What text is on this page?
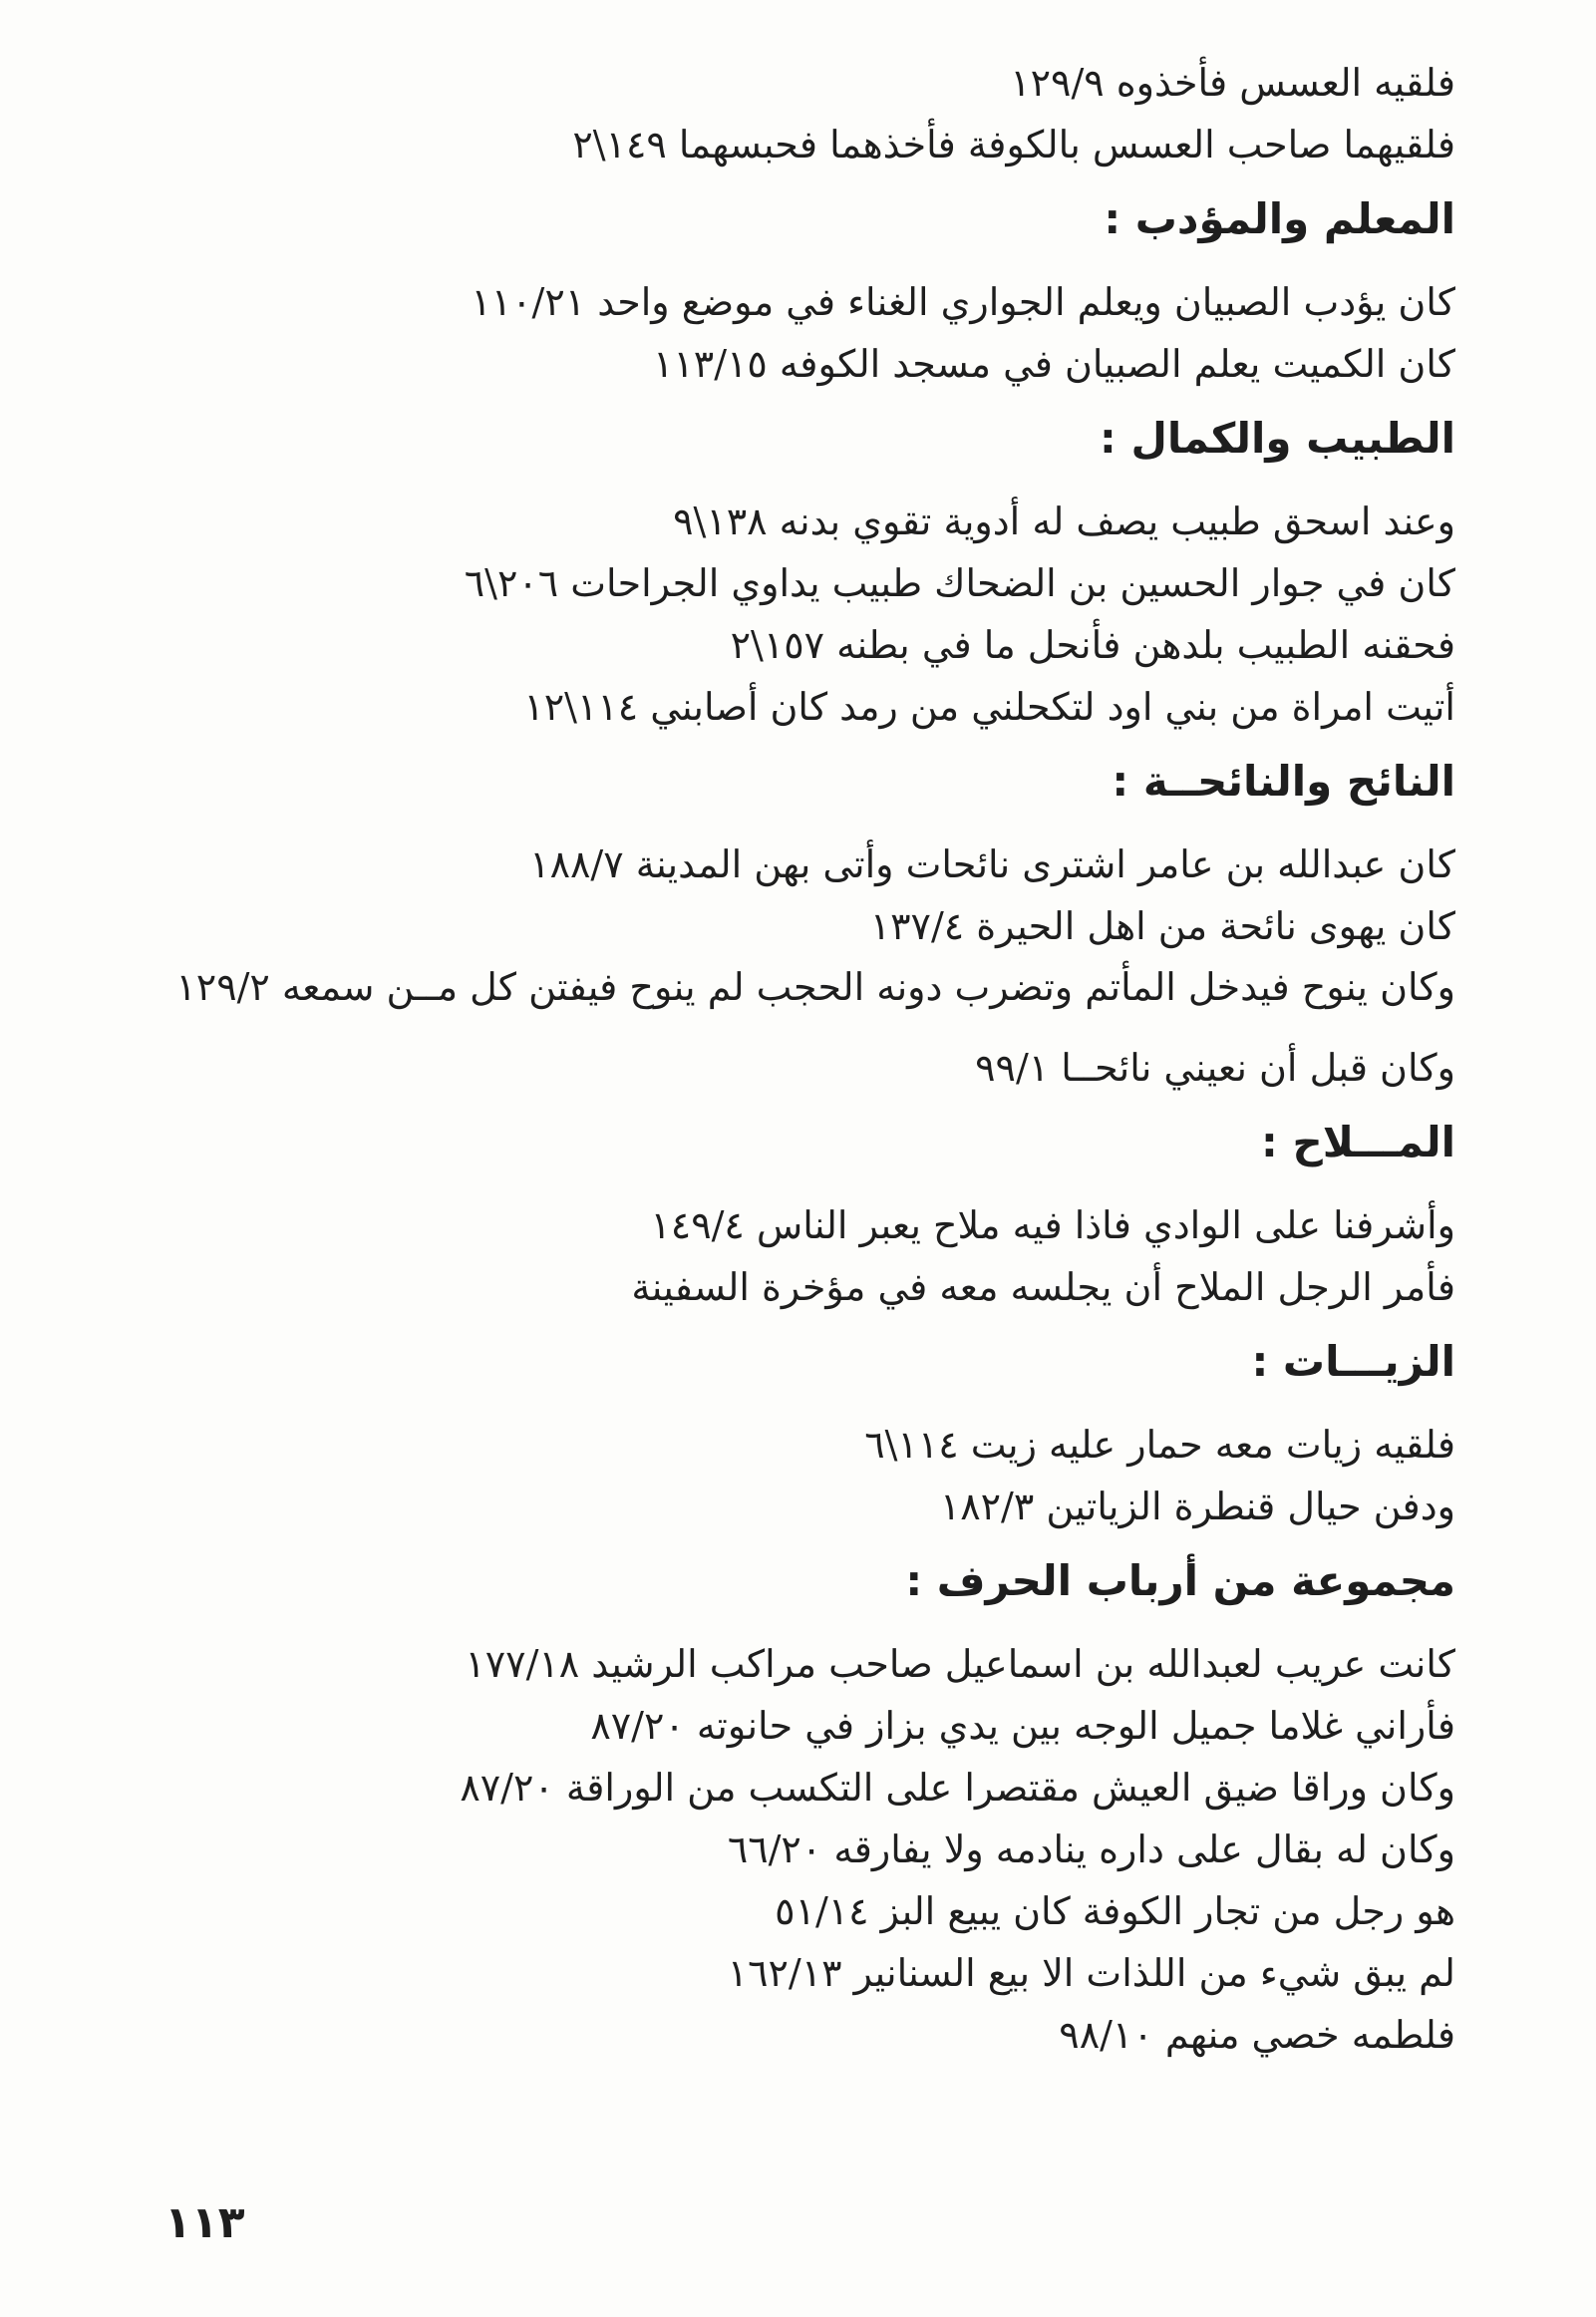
فلقيه العسس فأخذوه ١٢٩/٩

فلقيهما صاحب العسس بالكوفة فأخذهما فحبسهما ١٤٩\٢

المعلم والمؤدب :

كان يؤدب الصبيان ويعلم الجواري الغناء في موضع واحد ١١٠/٢١

كان الكميت يعلم الصبيان في مسجد الكوفه ١١٣/١٥

الطبيب والكمال :

وعند اسحق طبيب يصف له أدوية تقوي بدنه ١٣٨\٩

كان في جوار الحسين بن الضحاك طبيب يداوي الجراحات ٢٠٦\٦

فحقنه الطبيب بلدهن فأنحل ما في بطنه ١٥٧\٢

أتيت امراة من بني اود لتكحلني من رمد كان أصابني ١١٤\١٢

النائح والنائحــة :

كان عبدالله بن عامر اشترى نائحات وأتى بهن المدينة ١٨٨/٧

كان يهوى نائحة من اهل الحيرة ١٣٧/٤

وكان ينوح فيدخل المأتم وتضرب دونه الحجب لم ينوح فيفتن كل مــن سمعه ١٢٩/٢

وكان قبل أن نعيني نائحــا ٩٩/١

المـــلاح :

وأشرفنا على الوادي فاذا فيه ملاح يعبر الناس ١٤٩/٤

فأمر الرجل الملاح أن يجلسه معه في مؤخرة السفينة

الزيـــات :

فلقيه زيات معه حمار عليه زيت ١١٤\٦

ودفن حيال قنطرة الزياتين ١٨٢/٣

مجموعة من أرباب الحرف :

كانت عريب لعبدالله بن اسماعيل صاحب مراكب الرشيد ١٧٧/١٨

فأراني غلاما جميل الوجه بين يدي بزاز في حانوته ٨٧/٢٠

وكان وراقا ضيق العيش مقتصرا على التكسب من الوراقة ٨٧/٢٠

وكان له بقال على داره ينادمه ولا يفارقه ٦٦/٢٠

هو رجل من تجار الكوفة كان يبيع البز ٥١/١٤

لم يبق شيء من اللذات الا بيع السنانير ١٦٢/١٣

فلطمه خصي منهم ٩٨/١٠

١١٣
